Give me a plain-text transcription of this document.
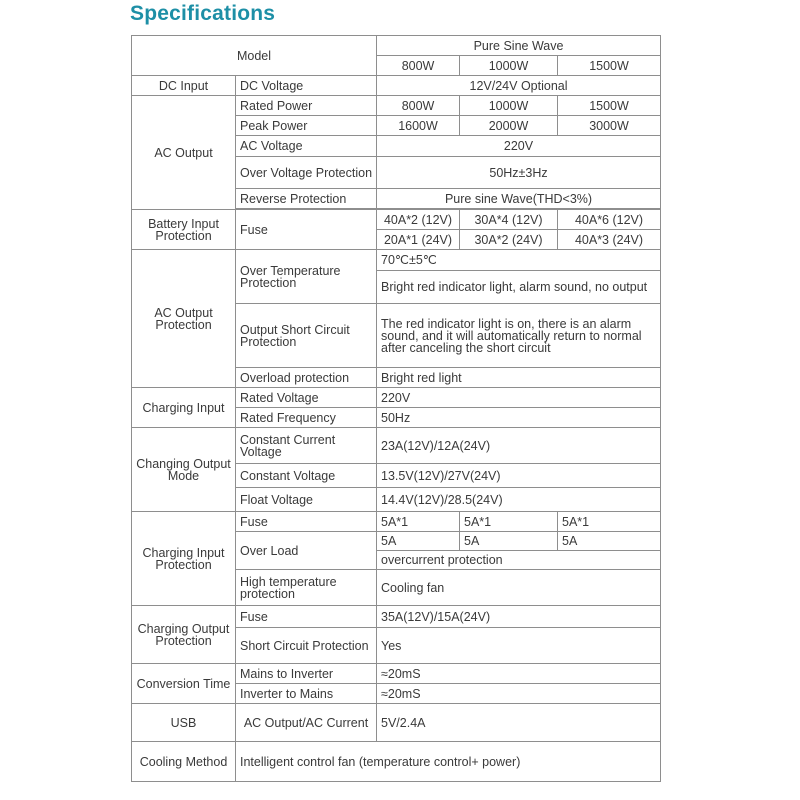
Specifications
Model		Pure Sine Wave		
		800W	1000W	1500W
DC Input	DC Voltage	12V/24V Optional		
AC Output	Rated Power	800W	1000W	1500W
	Peak Power	1600W	2000W	3000W
	AC Voltage	220V		
	Over Voltage Protection	50Hz±3Hz		
	Reverse Protection	Pure sine Wave(THD<3%)		

Battery Input Protection	Fuse	40A*2 (12V)	30A*4 (12V)	40A*6 (12V)
		20A*1 (24V)	30A*2 (24V)	40A*3 (24V)
AC Output Protection	Over Temperature Protection	70℃±5℃		
		Bright red indicator light, alarm sound, no output		
	Output Short Circuit Protection	The red indicator light is on, there is an alarm sound, and it will automatically return to normal after canceling the short circuit		
	Overload protection	Bright red light		
Charging Input	Rated Voltage	220V		
	Rated Frequency	50Hz		
Changing Output Mode	Constant Current Voltage	23A(12V)/12A(24V)		
	Constant Voltage	13.5V(12V)/27V(24V)		
	Float Voltage	14.4V(12V)/28.5(24V)		
Charging Input Protection	Fuse	5A*1	5A*1	5A*1
	Over Load	5A	5A	5A
		overcurrent protection		
	High temperature protection	Cooling fan		
Charging Output Protection	Fuse	35A(12V)/15A(24V)		
	Short Circuit Protection	Yes		
Conversion Time	Mains to Inverter	≈20mS		
	Inverter to Mains	≈20mS		
USB	AC Output/AC Current	5V/2.4A		
Cooling Method	Intelligent control fan (temperature control+ power)			
